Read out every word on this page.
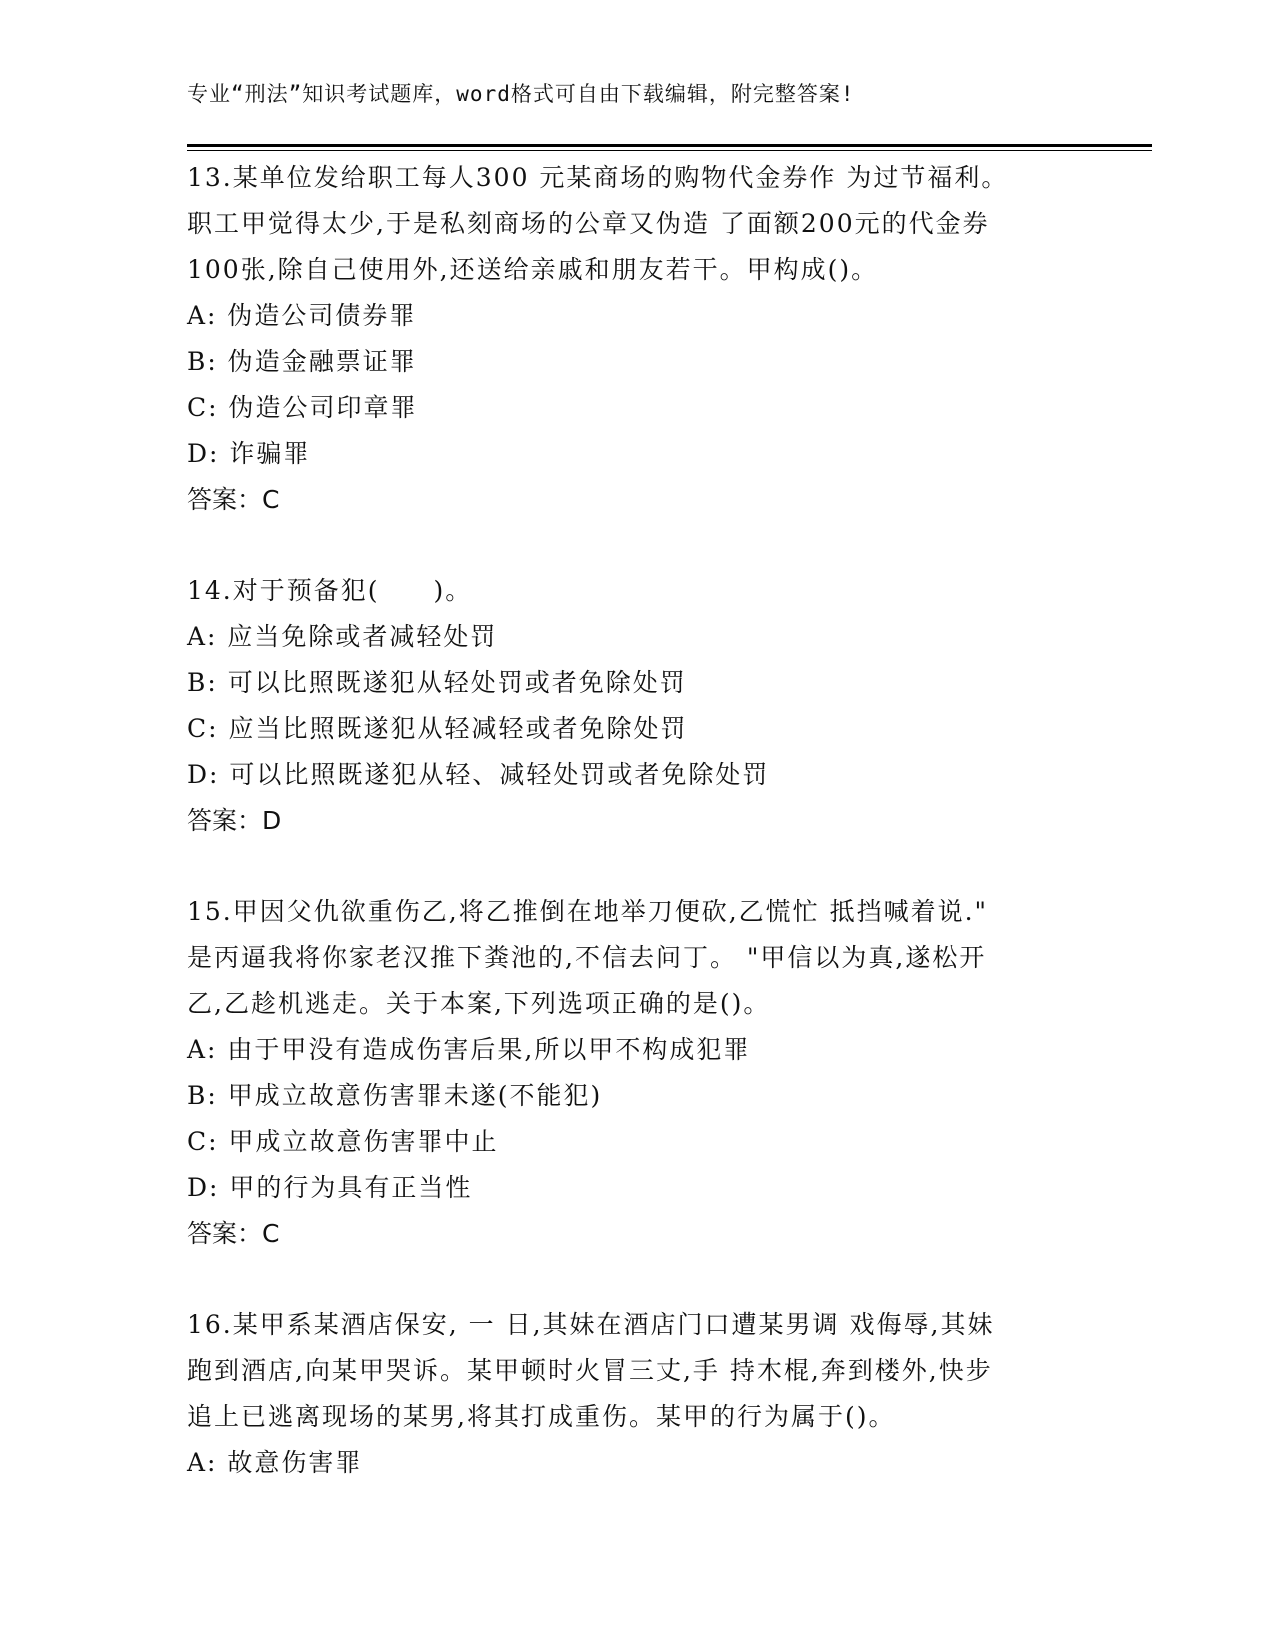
专业“刑法”知识考试题库，word格式可自由下载编辑，附完整答案!

13.某单位发给职工每人300 元某商场的购物代金券作 为过节福利。

职工甲觉得太少,于是私刻商场的公章又伪造 了面额200元的代金券

100张,除自己使用外,还送给亲戚和朋友若干。甲构成()。

A: 伪造公司债券罪

B: 伪造金融票证罪

C: 伪造公司印章罪

D: 诈骗罪

答案：C

14.对于预备犯(　　)。

A: 应当免除或者减轻处罚

B: 可以比照既遂犯从轻处罚或者免除处罚

C: 应当比照既遂犯从轻减轻或者免除处罚

D: 可以比照既遂犯从轻、减轻处罚或者免除处罚

答案：D

15.甲因父仇欲重伤乙,将乙推倒在地举刀便砍,乙慌忙 抵挡喊着说."

是丙逼我将你家老汉推下粪池的,不信去问丁。 "甲信以为真,遂松开

乙,乙趁机逃走。关于本案,下列选项正确的是()。

A: 由于甲没有造成伤害后果,所以甲不构成犯罪

B: 甲成立故意伤害罪未遂(不能犯)

C: 甲成立故意伤害罪中止

D: 甲的行为具有正当性

答案：C

16.某甲系某酒店保安, 一 日,其妹在酒店门口遭某男调 戏侮辱,其妹

跑到酒店,向某甲哭诉。某甲顿时火冒三丈,手 持木棍,奔到楼外,快步

追上已逃离现场的某男,将其打成重伤。某甲的行为属于()。

A: 故意伤害罪
